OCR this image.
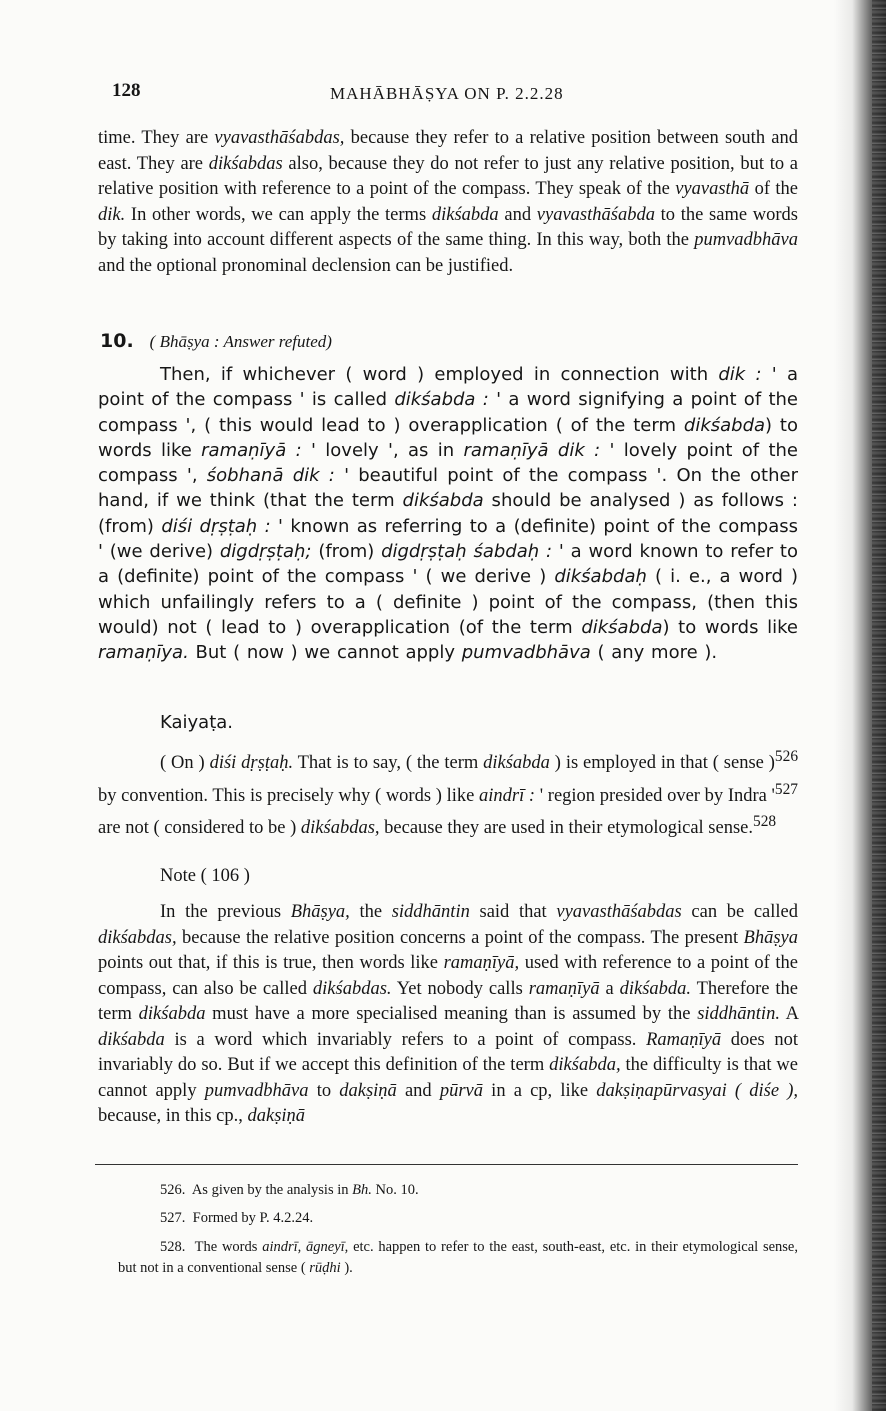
128	MAHĀBHĀṢYA ON P. 2.2.28

time. They are vyavasthāśabdas, because they refer to a relative position between south and east. They are dikśabdas also, because they do not refer to just any relative position, but to a relative position with reference to a point of the compass. They speak of the vyavasthā of the dik. In other words, we can apply the terms dikśabda and vyavasthāśabda to the same words by taking into account different aspects of the same thing. In this way, both the pumvadbhāva and the optional pronominal declension can be justified.

10. ( Bhāṣya : Answer refuted)

Then, if whichever ( word ) employed in connection with dik : ' a point of the compass ' is called dikśabda : ' a word signifying a point of the compass ', ( this would lead to ) overapplication ( of the term dikśabda) to words like ramaṇīyā : ' lovely ', as in ramaṇīyā dik : ' lovely point of the compass ', śobhanā dik : ' beautiful point of the compass '. On the other hand, if we think (that the term dikśabda should be analysed ) as follows : (from) diśi dṛṣṭaḥ : ' known as referring to a (definite) point of the compass ' (we derive) digdṛṣṭaḥ; (from) digdṛṣṭaḥ śabdaḥ : ' a word known to refer to a (definite) point of the compass ' ( we derive ) dikśabdaḥ ( i. e., a word ) which unfailingly refers to a ( definite ) point of the compass, (then this would) not ( lead to ) overapplication (of the term dikśabda) to words like ramaṇīya. But ( now ) we cannot apply pumvadbhāva ( any more ).

Kaiyaṭa.

( On ) diśi dṛṣṭaḥ. That is to say, ( the term dikśabda ) is employed in that ( sense )$^{526}$ by convention. This is precisely why ( words ) like aindrī : ' region presided over by Indra '$^{527}$ are not ( considered to be ) dikśabdas, because they are used in their etymological sense.$^{528}$

Note ( 106 )

In the previous Bhāṣya, the siddhāntin said that vyavasthāśabdas can be called dikśabdas, because the relative position concerns a point of the compass. The present Bhāṣya points out that, if this is true, then words like ramaṇīyā, used with reference to a point of the compass, can also be called dikśabdas. Yet nobody calls ramaṇīyā a dikśabda. Therefore the term dikśabda must have a more specialised meaning than is assumed by the siddhāntin. A dikśabda is a word which invariably refers to a point of compass. Ramaṇīyā does not invariably do so. But if we accept this definition of the term dikśabda, the difficulty is that we cannot apply pumvadbhāva to dakṣiṇā and pūrvā in a cp, like dakṣiṇapūrvasyai ( diśe ), because, in this cp., dakṣiṇā

526. As given by the analysis in Bh. No. 10.
527. Formed by P. 4.2.24.
528. The words aindrī, āgneyī, etc. happen to refer to the east, south-east, etc. in their etymological sense, but not in a conventional sense ( rūḍhi ).
